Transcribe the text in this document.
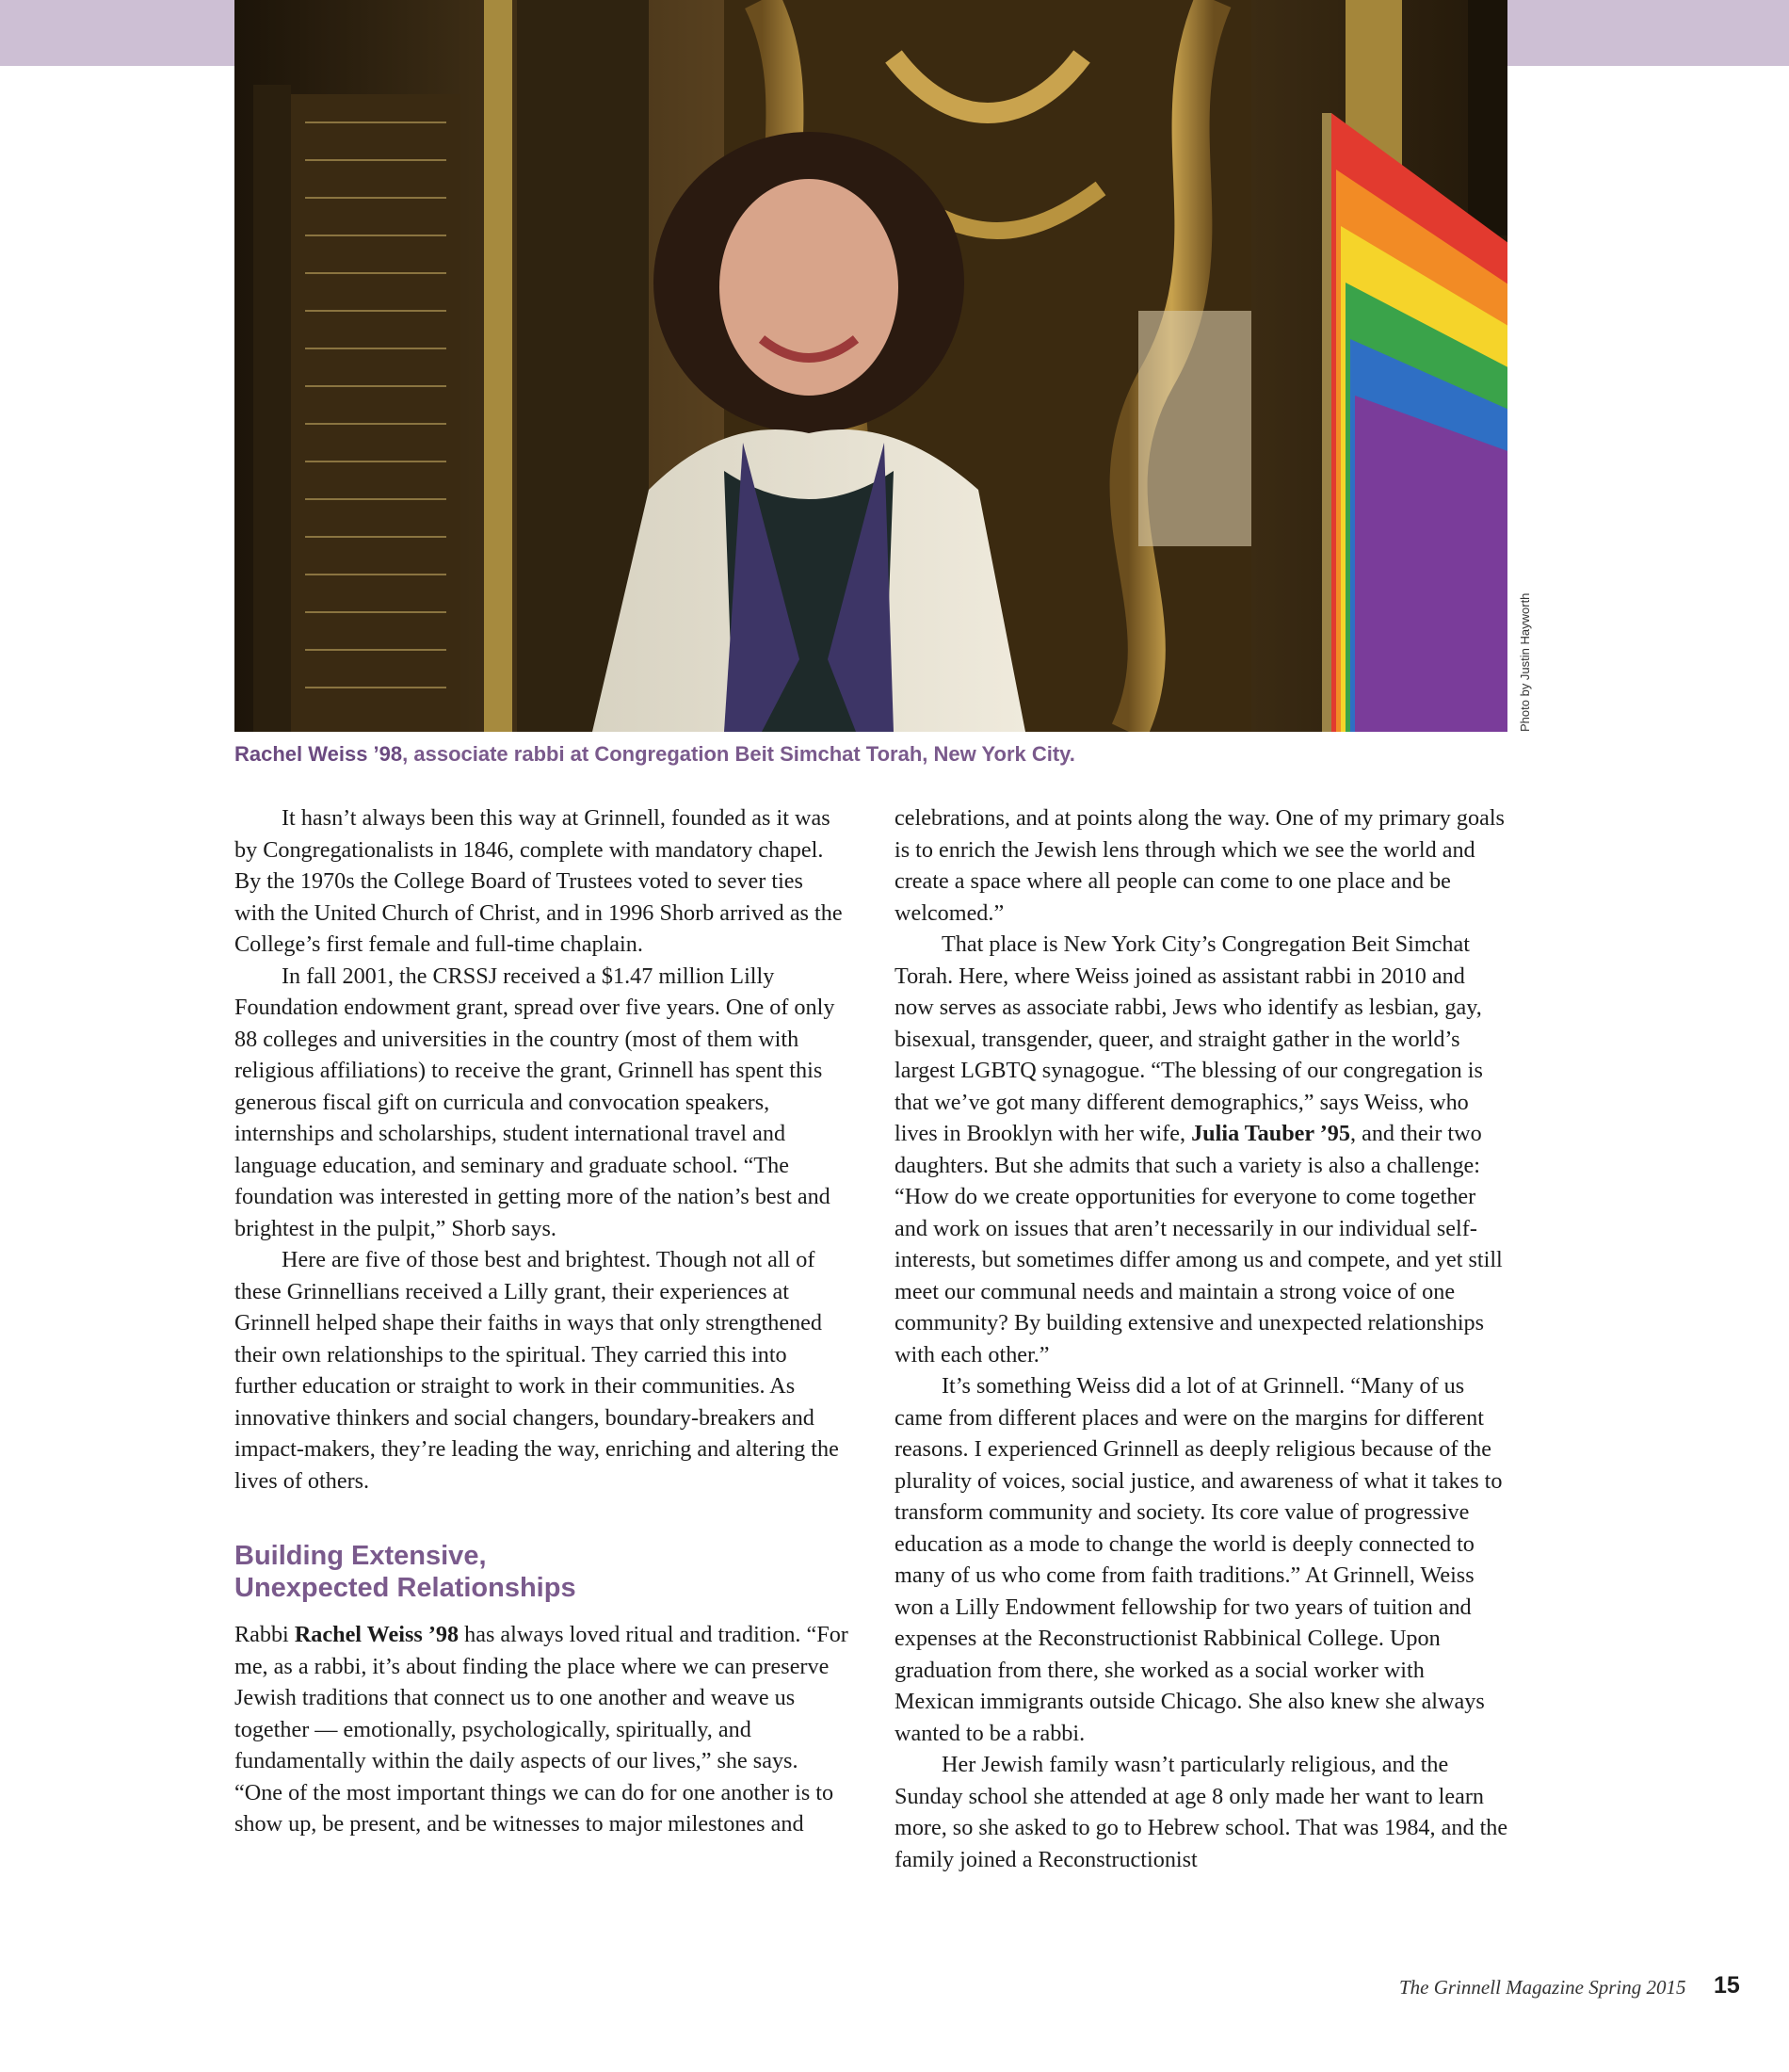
Photo by Justin Hayworth
Rachel Weiss ’98, associate rabbi at Congregation Beit Simchat Torah, New York City.

It hasn’t always been this way at Grinnell, founded as it was by Congregationalists in 1846, complete with mandatory chapel. By the 1970s the College Board of Trustees voted to sever ties with the United Church of Christ, and in 1996 Shorb arrived as the College’s first female and full-time chaplain.

In fall 2001, the CRSSJ received a $1.47 million Lilly Foundation endowment grant, spread over five years. One of only 88 colleges and universities in the country (most of them with religious affiliations) to receive the grant, Grinnell has spent this generous fiscal gift on curricula and convocation speakers, internships and scholarships, student international travel and language education, and seminary and graduate school. “The foundation was interested in getting more of the nation’s best and brightest in the pulpit,” Shorb says.

Here are five of those best and brightest. Though not all of these Grinnellians received a Lilly grant, their experiences at Grinnell helped shape their faiths in ways that only strengthened their own relationships to the spiritual. They carried this into further education or straight to work in their communities. As innovative thinkers and social changers, boundary-breakers and impact-makers, they’re leading the way, enriching and altering the lives of others.

Building Extensive,
Unexpected Relationships

Rabbi Rachel Weiss ’98 has always loved ritual and tradition. “For me, as a rabbi, it’s about finding the place where we can preserve Jewish traditions that connect us to one another and weave us together — emotionally, psychologically, spiritually, and fundamentally within the daily aspects of our lives,” she says. “One of the most important things we can do for one another is to show up, be present, and be witnesses to major milestones and

celebrations, and at points along the way. One of my primary goals is to enrich the Jewish lens through which we see the world and create a space where all people can come to one place and be welcomed.”

That place is New York City’s Congregation Beit Simchat Torah. Here, where Weiss joined as assistant rabbi in 2010 and now serves as associate rabbi, Jews who identify as lesbian, gay, bisexual, transgender, queer, and straight gather in the world’s largest LGBTQ synagogue. “The blessing of our congregation is that we’ve got many different demographics,” says Weiss, who lives in Brooklyn with her wife, Julia Tauber ’95, and their two daughters. But she admits that such a variety is also a challenge: “How do we create opportunities for everyone to come together and work on issues that aren’t necessarily in our individual self-interests, but sometimes differ among us and compete, and yet still meet our communal needs and maintain a strong voice of one community? By building extensive and unexpected relationships with each other.”

It’s something Weiss did a lot of at Grinnell. “Many of us came from different places and were on the margins for different reasons. I experienced Grinnell as deeply religious because of the plurality of voices, social justice, and awareness of what it takes to transform community and society. Its core value of progressive education as a mode to change the world is deeply connected to many of us who come from faith traditions.” At Grinnell, Weiss won a Lilly Endowment fellowship for two years of tuition and expenses at the Reconstructionist Rabbinical College. Upon graduation from there, she worked as a social worker with Mexican immigrants outside Chicago. She also knew she always wanted to be a rabbi.

Her Jewish family wasn’t particularly religious, and the Sunday school she attended at age 8 only made her want to learn more, so she asked to go to Hebrew school. That was 1984, and the family joined a Reconstructionist

The Grinnell Magazine Spring 2015 15
